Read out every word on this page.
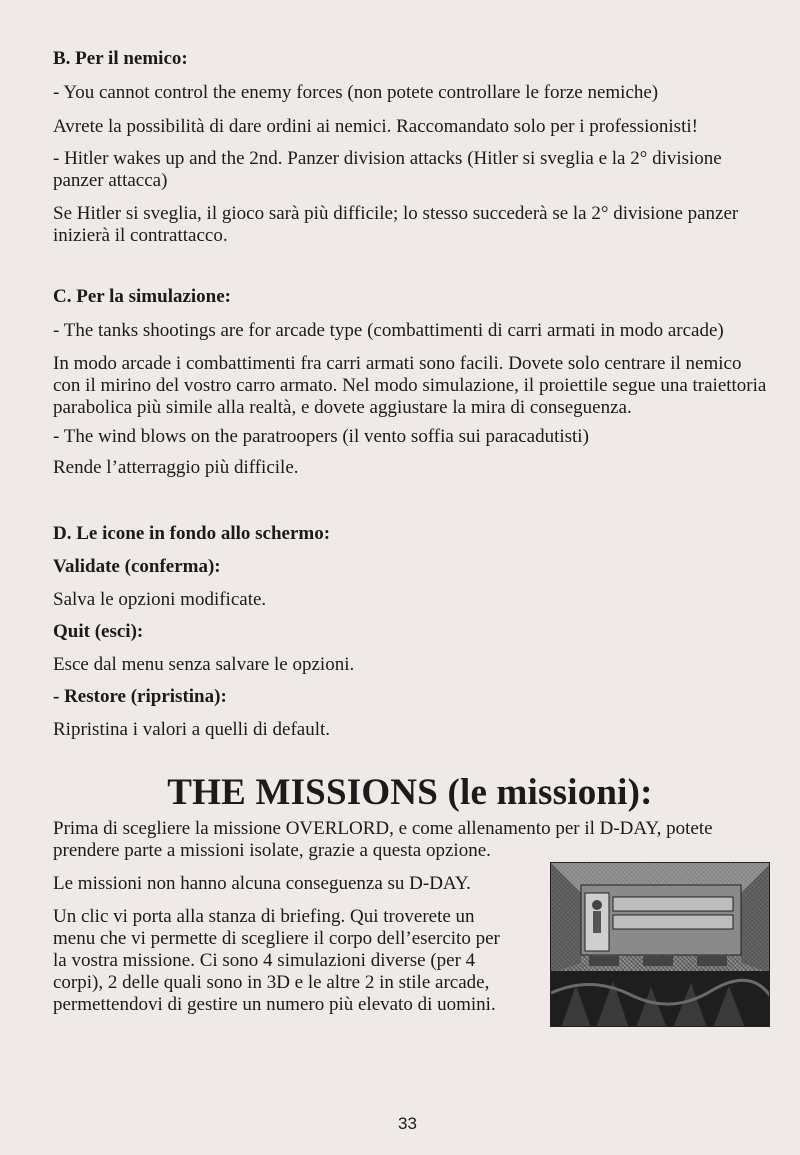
B. Per il nemico:

- You cannot control the enemy forces (non potete controllare le forze nemiche)

Avrete la possibilità di dare ordini ai nemici. Raccomandato solo per i professionisti!

- Hitler wakes up and the 2nd. Panzer division attacks (Hitler si sveglia e la 2° divisione panzer attacca)

Se Hitler si sveglia, il gioco sarà più difficile; lo stesso succederà se la 2° divisione panzer inizierà il contrattacco.

C. Per la simulazione:

- The tanks shootings are for arcade type (combattimenti di carri armati in modo arcade)

In modo arcade i combattimenti fra carri armati sono facili. Dovete solo centrare il nemico con il mirino del vostro carro armato. Nel modo simulazione, il proiettile segue una traiettoria parabolica più simile alla realtà, e dovete aggiustare la mira di conseguenza.

- The wind blows on the paratroopers (il vento soffia sui paracadutisti)

Rende l’atterraggio più difficile.

D. Le icone in fondo allo schermo:

Validate (conferma):

Salva le opzioni modificate.

Quit (esci):

Esce dal menu senza salvare le opzioni.

- Restore (ripristina):

Ripristina i valori a quelli di default.

THE MISSIONS (le missioni):

Prima di scegliere la missione OVERLORD, e come allenamento per il D-DAY, potete prendere parte a missioni isolate, grazie a questa opzione.

Le missioni non hanno alcuna conseguenza su D-DAY.

Un clic vi porta alla stanza di briefing. Qui troverete un menu che vi permette di scegliere il corpo dell’esercito per la vostra missione. Ci sono 4 simulazioni diverse (per 4 corpi), 2 delle quali sono in 3D e le altre 2 in stile arcade, permettendovi di gestire un numero più elevato di uomini.

33
